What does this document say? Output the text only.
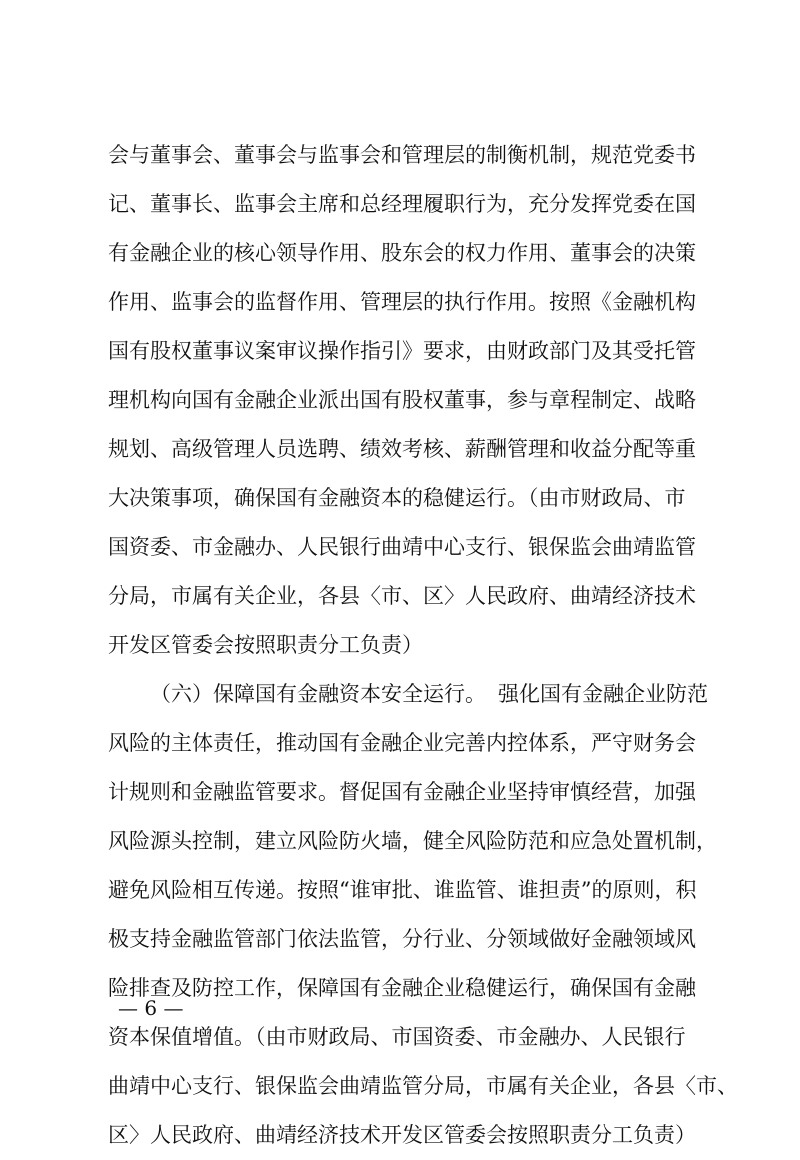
会与董事会、董事会与监事会和管理层的制衡机制，规范党委书
记、董事长、监事会主席和总经理履职行为，充分发挥党委在国
有金融企业的核心领导作用、股东会的权力作用、董事会的决策
作用、监事会的监督作用、管理层的执行作用。按照《金融机构
国有股权董事议案审议操作指引》要求，由财政部门及其受托管
理机构向国有金融企业派出国有股权董事，参与章程制定、战略
规划、高级管理人员选聘、绩效考核、薪酬管理和收益分配等重
大决策事项，确保国有金融资本的稳健运行。（由市财政局、市
国资委、市金融办、人民银行曲靖中心支行、银保监会曲靖监管
分局，市属有关企业，各县〈市、区〉人民政府、曲靖经济技术
开发区管委会按照职责分工负责）
（六）保障国有金融资本安全运行。 强化国有金融企业防范
风险的主体责任，推动国有金融企业完善内控体系，严守财务会
计规则和金融监管要求。督促国有金融企业坚持审慎经营，加强
风险源头控制，建立风险防火墙，健全风险防范和应急处置机制，
避免风险相互传递。按照“谁审批、谁监管、谁担责”的原则，积
极支持金融监管部门依法监管，分行业、分领域做好金融领域风
险排查及防控工作，保障国有金融企业稳健运行，确保国有金融
资本保值增值。（由市财政局、市国资委、市金融办、人民银行
曲靖中心支行、银保监会曲靖监管分局，市属有关企业，各县〈市、
区〉人民政府、曲靖经济技术开发区管委会按照职责分工负责）
— 6 —
